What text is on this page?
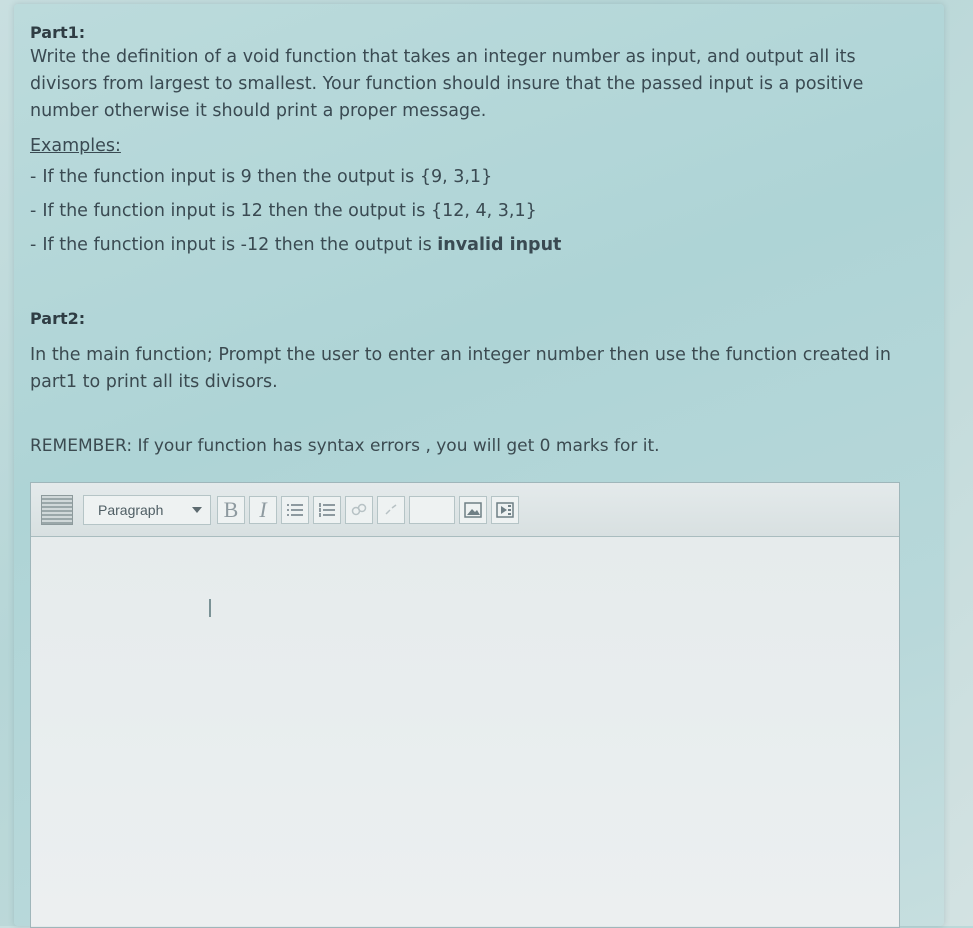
Part1:

Write the definition of a void function that takes an integer number as input, and output all its divisors from largest to smallest. Your function should insure that the passed input is a positive number otherwise it should print a proper message.

Examples:

- If the function input is 9 then the output is {9, 3,1}
- If the function input is 12 then the output is {12, 4, 3,1}
- If the function input is -12 then the output is invalid input

Part2:

In the main function; Prompt the user to enter an integer number then use the function created in part1 to print all its divisors.

REMEMBER: If your function has syntax errors , you will get 0 marks for it.
Paragraph	B I
